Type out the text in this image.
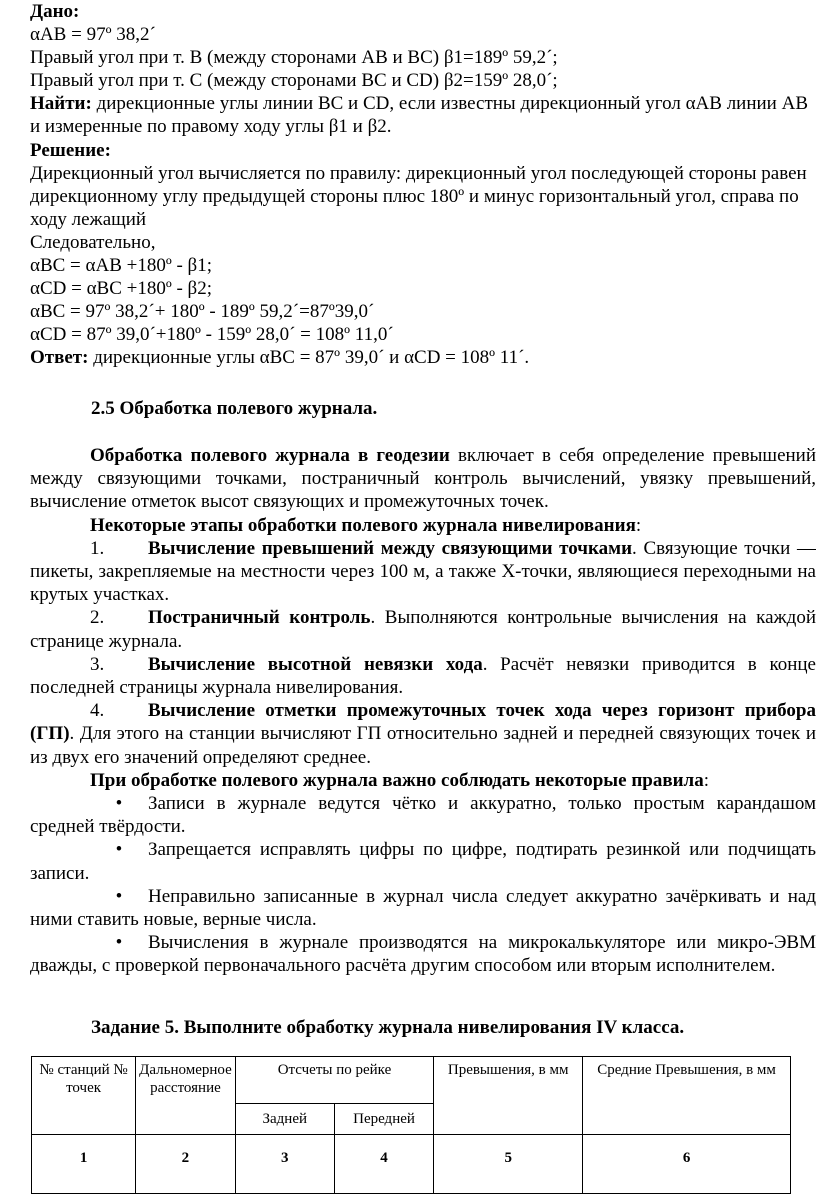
Дано:

αАВ = 97º 38,2´

Правый угол при т. В (между сторонами АВ и ВС) β1=189º 59,2´;

Правый угол при т. С (между сторонами ВС и СD) β2=159º 28,0´;

Найти: дирекционные углы линии ВС и СD, если известны дирекционный угол αАВ линии АВ и измеренные по правому ходу углы β1 и β2.

Решение:

Дирекционный угол вычисляется по правилу: дирекционный угол последующей стороны равен дирекционному углу предыдущей стороны плюс 180º и минус горизонтальный угол, справа по ходу лежащий

Следовательно,

αВС = αАВ +180º - β1;

αСD = αВС +180º - β2;

αВС = 97º 38,2´+ 180º - 189º 59,2´=87º39,0´

αСD = 87º 39,0´+180º - 159º 28,0´ = 108º 11,0´

Ответ: дирекционные углы αВС = 87º 39,0´ и αСD = 108º 11´.

2.5 Обработка полевого журнала.

Обработка полевого журнала в геодезии включает в себя определение превышений между связующими точками, постраничный контроль вычислений, увязку превышений, вычисление отметок высот связующих и промежуточных точек.

Некоторые этапы обработки полевого журнала нивелирования:

1. Вычисление превышений между связующими точками. Связующие точки — пикеты, закрепляемые на местности через 100 м, а также Х-точки, являющиеся переходными на крутых участках.

2. Постраничный контроль. Выполняются контрольные вычисления на каждой странице журнала.

3. Вычисление высотной невязки хода. Расчёт невязки приводится в конце последней страницы журнала нивелирования.

4. Вычисление отметки промежуточных точек хода через горизонт прибора (ГП). Для этого на станции вычисляют ГП относительно задней и передней связующих точек и из двух его значений определяют среднее.

При обработке полевого журнала важно соблюдать некоторые правила:

• Записи в журнале ведутся чётко и аккуратно, только простым карандашом средней твёрдости.

• Запрещается исправлять цифры по цифре, подтирать резинкой или подчищать записи.

• Неправильно записанные в журнал числа следует аккуратно зачёркивать и над ними ставить новые, верные числа.

• Вычисления в журнале производятся на микрокалькуляторе или микро-ЭВМ дважды, с проверкой первоначального расчёта другим способом или вторым исполнителем.

Задание 5. Выполните обработку журнала нивелирования IV класса.
№ станций № точек	Дальномерное расстояние	Отсчеты по рейке		Превышения, в мм	Средние Превышения, в мм
		Задней	Передней		
1	2	3	4	5	6
